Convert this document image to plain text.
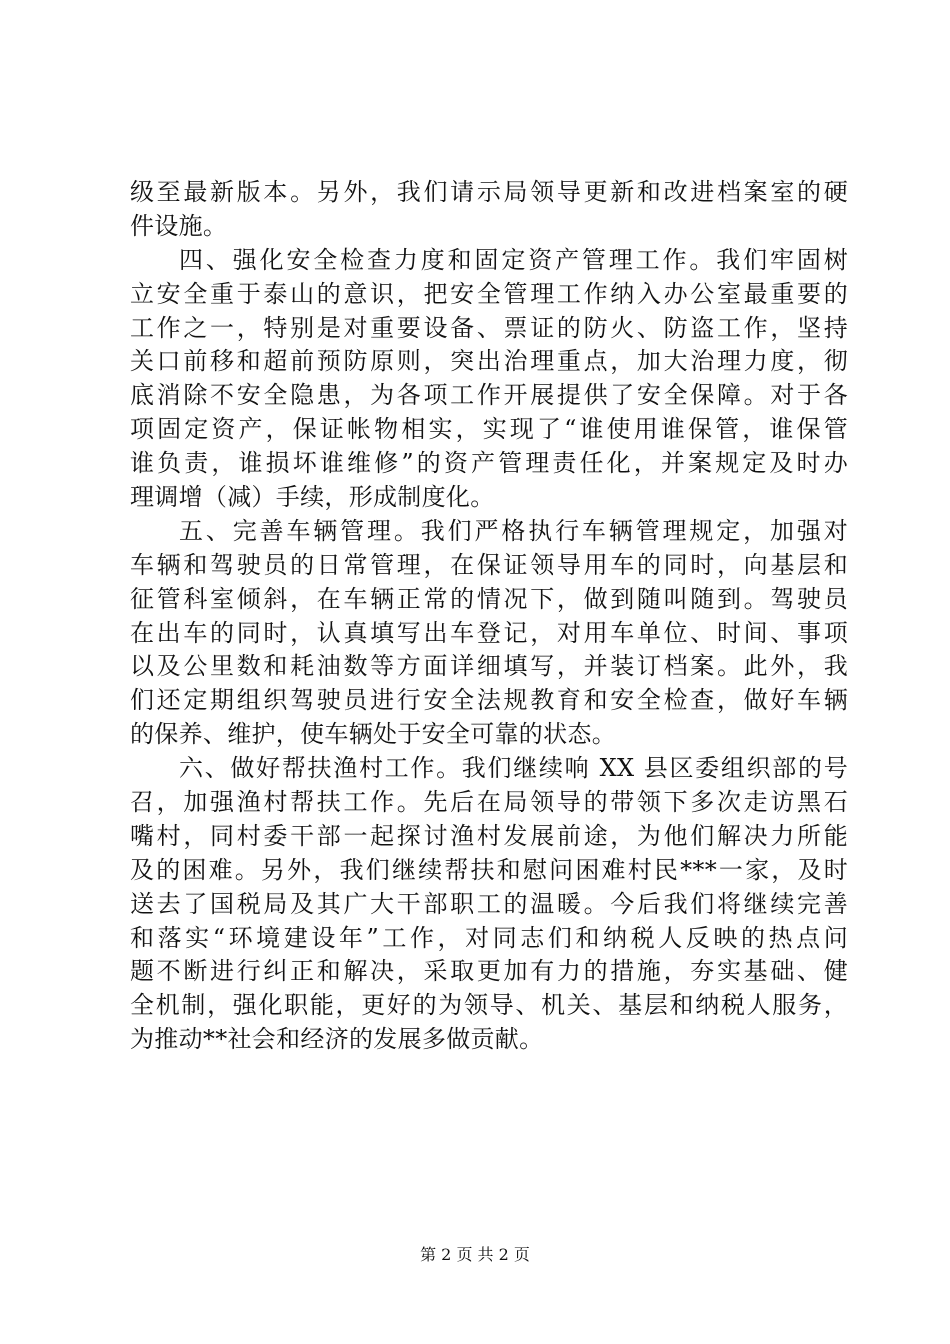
级至最新版本。另外，我们请示局领导更新和改进档案室的硬
件设施。
四、强化安全检查力度和固定资产管理工作。我们牢固树
立安全重于泰山的意识，把安全管理工作纳入办公室最重要的
工作之一，特别是对重要设备、票证的防火、防盗工作，坚持
关口前移和超前预防原则，突出治理重点，加大治理力度，彻
底消除不安全隐患，为各项工作开展提供了安全保障。对于各
项固定资产，保证帐物相实，实现了“谁使用谁保管，谁保管
谁负责，谁损坏谁维修”的资产管理责任化，并案规定及时办
理调增（减）手续，形成制度化。
五、完善车辆管理。我们严格执行车辆管理规定，加强对
车辆和驾驶员的日常管理，在保证领导用车的同时，向基层和
征管科室倾斜，在车辆正常的情况下，做到随叫随到。驾驶员
在出车的同时，认真填写出车登记，对用车单位、时间、事项
以及公里数和耗油数等方面详细填写，并装订档案。此外，我
们还定期组织驾驶员进行安全法规教育和安全检查，做好车辆
的保养、维护，使车辆处于安全可靠的状态。
六、做好帮扶渔村工作。我们继续响 XX 县区委组织部的号
召，加强渔村帮扶工作。先后在局领导的带领下多次走访黑石
嘴村，同村委干部一起探讨渔村发展前途，为他们解决力所能
及的困难。另外，我们继续帮扶和慰问困难村民***一家，及时
送去了国税局及其广大干部职工的温暖。今后我们将继续完善
和落实“环境建设年”工作，对同志们和纳税人反映的热点问
题不断进行纠正和解决，采取更加有力的措施，夯实基础、健
全机制，强化职能，更好的为领导、机关、基层和纳税人服务，
为推动**社会和经济的发展多做贡献。
第 2 页 共 2 页
